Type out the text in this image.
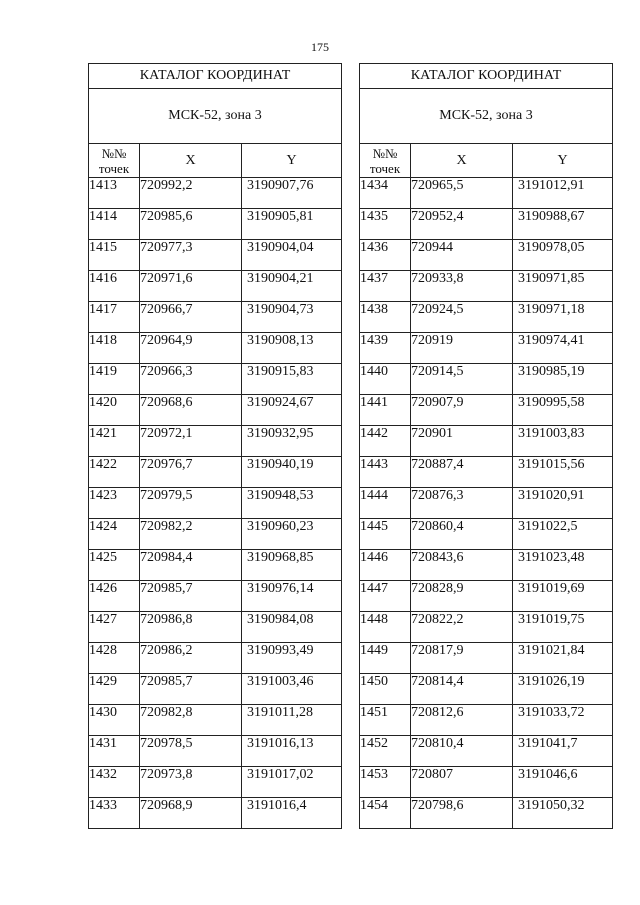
175
КАТАЛОГ КООРДИНАТ		
МСК-52, зона 3		
№№
точек	X	Y
1413	720992,2	3190907,76
1414	720985,6	3190905,81
1415	720977,3	3190904,04
1416	720971,6	3190904,21
1417	720966,7	3190904,73
1418	720964,9	3190908,13
1419	720966,3	3190915,83
1420	720968,6	3190924,67
1421	720972,1	3190932,95
1422	720976,7	3190940,19
1423	720979,5	3190948,53
1424	720982,2	3190960,23
1425	720984,4	3190968,85
1426	720985,7	3190976,14
1427	720986,8	3190984,08
1428	720986,2	3190993,49
1429	720985,7	3191003,46
1430	720982,8	3191011,28
1431	720978,5	3191016,13
1432	720973,8	3191017,02
1433	720968,9	3191016,4
КАТАЛОГ КООРДИНАТ		
МСК-52, зона 3		
№№
точек	X	Y
1434	720965,5	3191012,91
1435	720952,4	3190988,67
1436	720944	3190978,05
1437	720933,8	3190971,85
1438	720924,5	3190971,18
1439	720919	3190974,41
1440	720914,5	3190985,19
1441	720907,9	3190995,58
1442	720901	3191003,83
1443	720887,4	3191015,56
1444	720876,3	3191020,91
1445	720860,4	3191022,5
1446	720843,6	3191023,48
1447	720828,9	3191019,69
1448	720822,2	3191019,75
1449	720817,9	3191021,84
1450	720814,4	3191026,19
1451	720812,6	3191033,72
1452	720810,4	3191041,7
1453	720807	3191046,6
1454	720798,6	3191050,32
